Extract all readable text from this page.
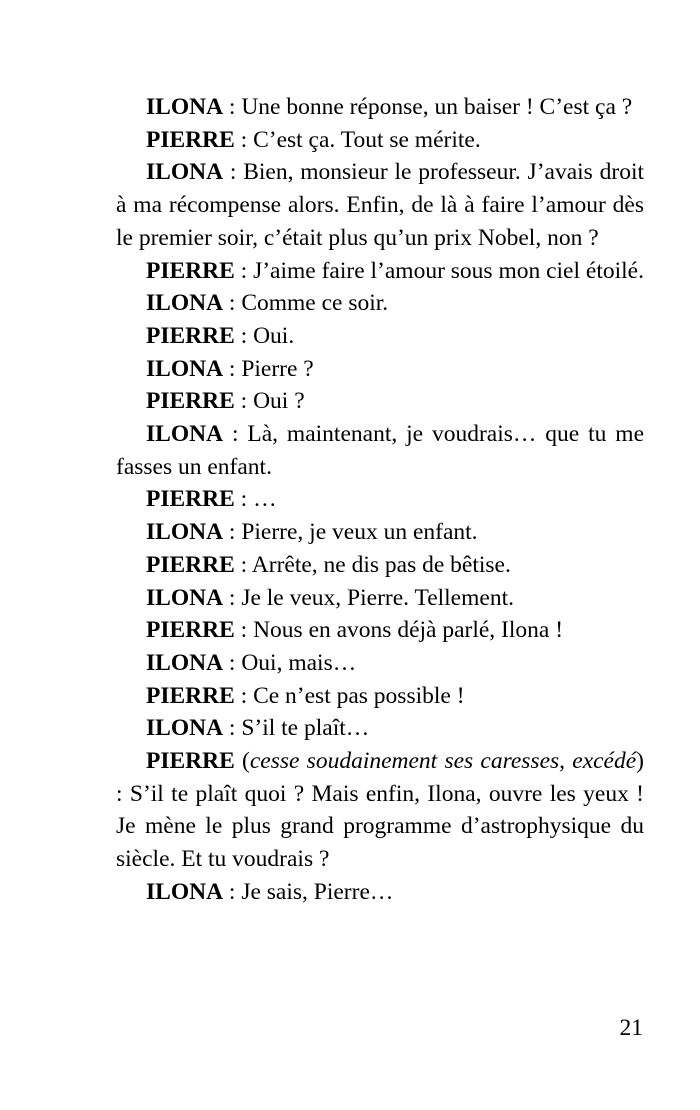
ILONA : Une bonne réponse, un baiser ! C’est ça ?

PIERRE : C’est ça. Tout se mérite.

ILONA : Bien, monsieur le professeur. J’avais droit à ma récompense alors. Enfin, de là à faire l’amour dès le premier soir, c’était plus qu’un prix Nobel, non ?

PIERRE : J’aime faire l’amour sous mon ciel étoilé.

ILONA : Comme ce soir.

PIERRE : Oui.

ILONA : Pierre ?

PIERRE : Oui ?

ILONA : Là, maintenant, je voudrais… que tu me fasses un enfant.

PIERRE : …

ILONA : Pierre, je veux un enfant.

PIERRE : Arrête, ne dis pas de bêtise.

ILONA : Je le veux, Pierre. Tellement.

PIERRE : Nous en avons déjà parlé, Ilona !

ILONA : Oui, mais…

PIERRE : Ce n’est pas possible !

ILONA : S’il te plaît…

PIERRE (cesse soudainement ses caresses, excédé) : S’il te plaît quoi ? Mais enfin, Ilona, ouvre les yeux ! Je mène le plus grand programme d’astrophysique du siècle. Et tu voudrais ?

ILONA : Je sais, Pierre…

21
